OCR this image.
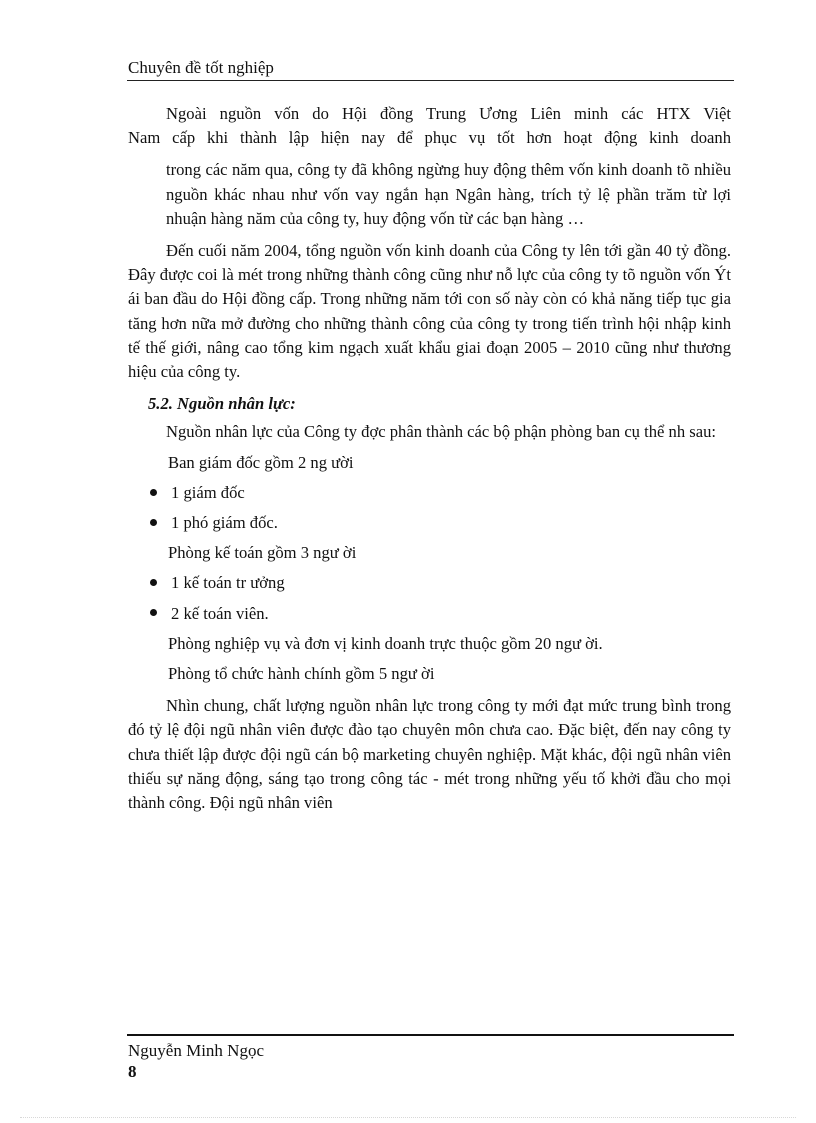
Chuyên đề tốt nghiệp

Ngoài nguồn vốn do Hội đồng Trung Ương Liên minh các HTX Việt

Nam cấp khi thành lập hiện nay để phục vụ tốt hơn hoạt động kinh doanh

trong các năm qua, công ty đã không ngừng huy động thêm vốn kinh doanh tõ nhiều nguồn khác nhau như vốn vay ngắn hạn Ngân hàng, trích tỷ lệ phần trăm từ lợi nhuận hàng năm của công ty, huy động vốn từ các bạn hàng …

Đến cuối năm 2004, tổng nguồn vốn kinh doanh của Công ty lên tới gần 40 tỷ đồng. Đây được coi là mét trong những thành công cũng như nỗ lực của công ty tõ nguồn vốn Ýt ái ban đầu do Hội đồng cấp. Trong những năm tới con số này còn có khả năng tiếp tục gia tăng hơn nữa mở đường cho những thành công của công ty trong tiến trình hội nhập kinh tế thế giới, nâng cao tổng kim ngạch xuất khẩu giai đoạn 2005 – 2010 cũng như thương hiệu của công ty.

5.2. Nguồn nhân lực:

Nguồn nhân lực của Công ty đợc phân thành các bộ phận phòng ban cụ thể nh sau:

Ban giám đốc gồm 2 ng ười

1 giám đốc
1 phó giám đốc.

Phòng kế toán gồm 3 ngư ời

1 kế toán tr ưởng
2 kế toán viên.

Phòng nghiệp vụ và đơn vị kinh doanh trực thuộc gồm 20 ngư ời.

Phòng tổ chức hành chính gồm 5 ngư ời

Nhìn chung, chất lượng nguồn nhân lực trong công ty mới đạt mức trung bình trong đó tỷ lệ đội ngũ nhân viên được đào tạo chuyên môn chưa cao. Đặc biệt, đến nay công ty chưa thiết lập được đội ngũ cán bộ marketing chuyên nghiệp. Mặt khác, đội ngũ nhân viên thiếu sự năng động, sáng tạo trong công tác - mét trong những yếu tố khởi đầu cho mọi thành công. Đội ngũ nhân viên

Nguyễn Minh Ngọc
8
